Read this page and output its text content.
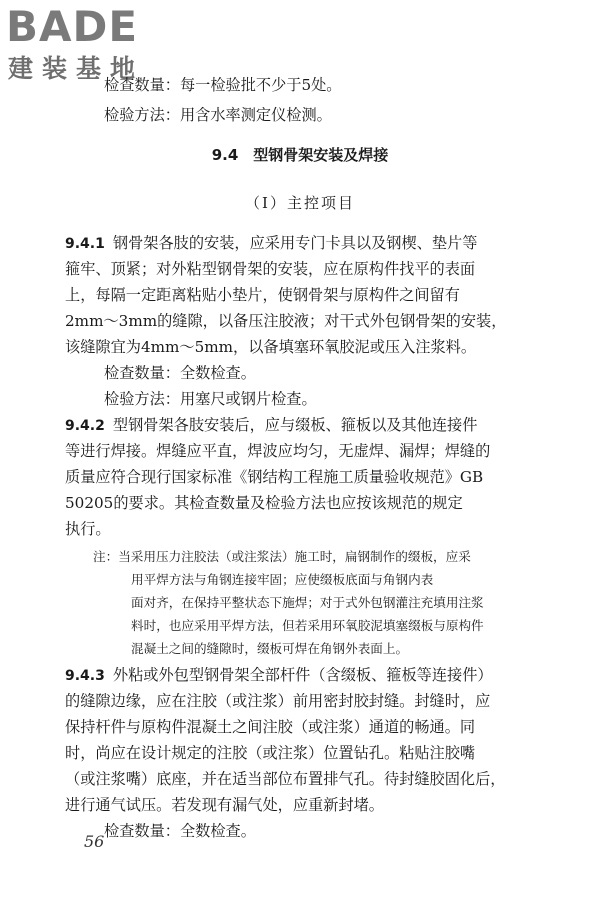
BADE
建装基地
检查数量：每一检验批不少于5处。
检验方法：用含水率测定仪检测。
9.4　型钢骨架安装及焊接
（Ⅰ）主控项目
9.4.1 钢骨架各肢的安装，应采用专门卡具以及钢楔、垫片等
箍牢、顶紧；对外粘型钢骨架的安装，应在原构件找平的表面
上，每隔一定距离粘贴小垫片，使钢骨架与原构件之间留有
2mm～3mm的缝隙，以备压注胶液；对干式外包钢骨架的安装，
该缝隙宜为4mm～5mm，以备填塞环氧胶泥或压入注浆料。
检查数量：全数检查。
检验方法：用塞尺或钢片检查。
9.4.2 型钢骨架各肢安装后，应与缀板、箍板以及其他连接件
等进行焊接。焊缝应平直，焊波应均匀，无虚焊、漏焊；焊缝的
质量应符合现行国家标准《钢结构工程施工质量验收规范》GB
50205的要求。其检查数量及检验方法也应按该规范的规定
执行。
注：当采用压力注胶法（或注浆法）施工时，扁钢制作的缀板，应采
用平焊方法与角钢连接牢固；应使缀板底面与角钢内表
面对齐，在保持平整状态下施焊；对于式外包钢灌注充填用注浆
料时，也应采用平焊方法，但若采用环氧胶泥填塞缀板与原构件
混凝土之间的缝隙时，缀板可焊在角钢外表面上。
9.4.3 外粘或外包型钢骨架全部杆件（含缀板、箍板等连接件）
的缝隙边缘，应在注胶（或注浆）前用密封胶封缝。封缝时，应
保持杆件与原构件混凝土之间注胶（或注浆）通道的畅通。同
时，尚应在设计规定的注胶（或注浆）位置钻孔。粘贴注胶嘴
（或注浆嘴）底座，并在适当部位布置排气孔。待封缝胶固化后，
进行通气试压。若发现有漏气处，应重新封堵。
检查数量：全数检查。
56
